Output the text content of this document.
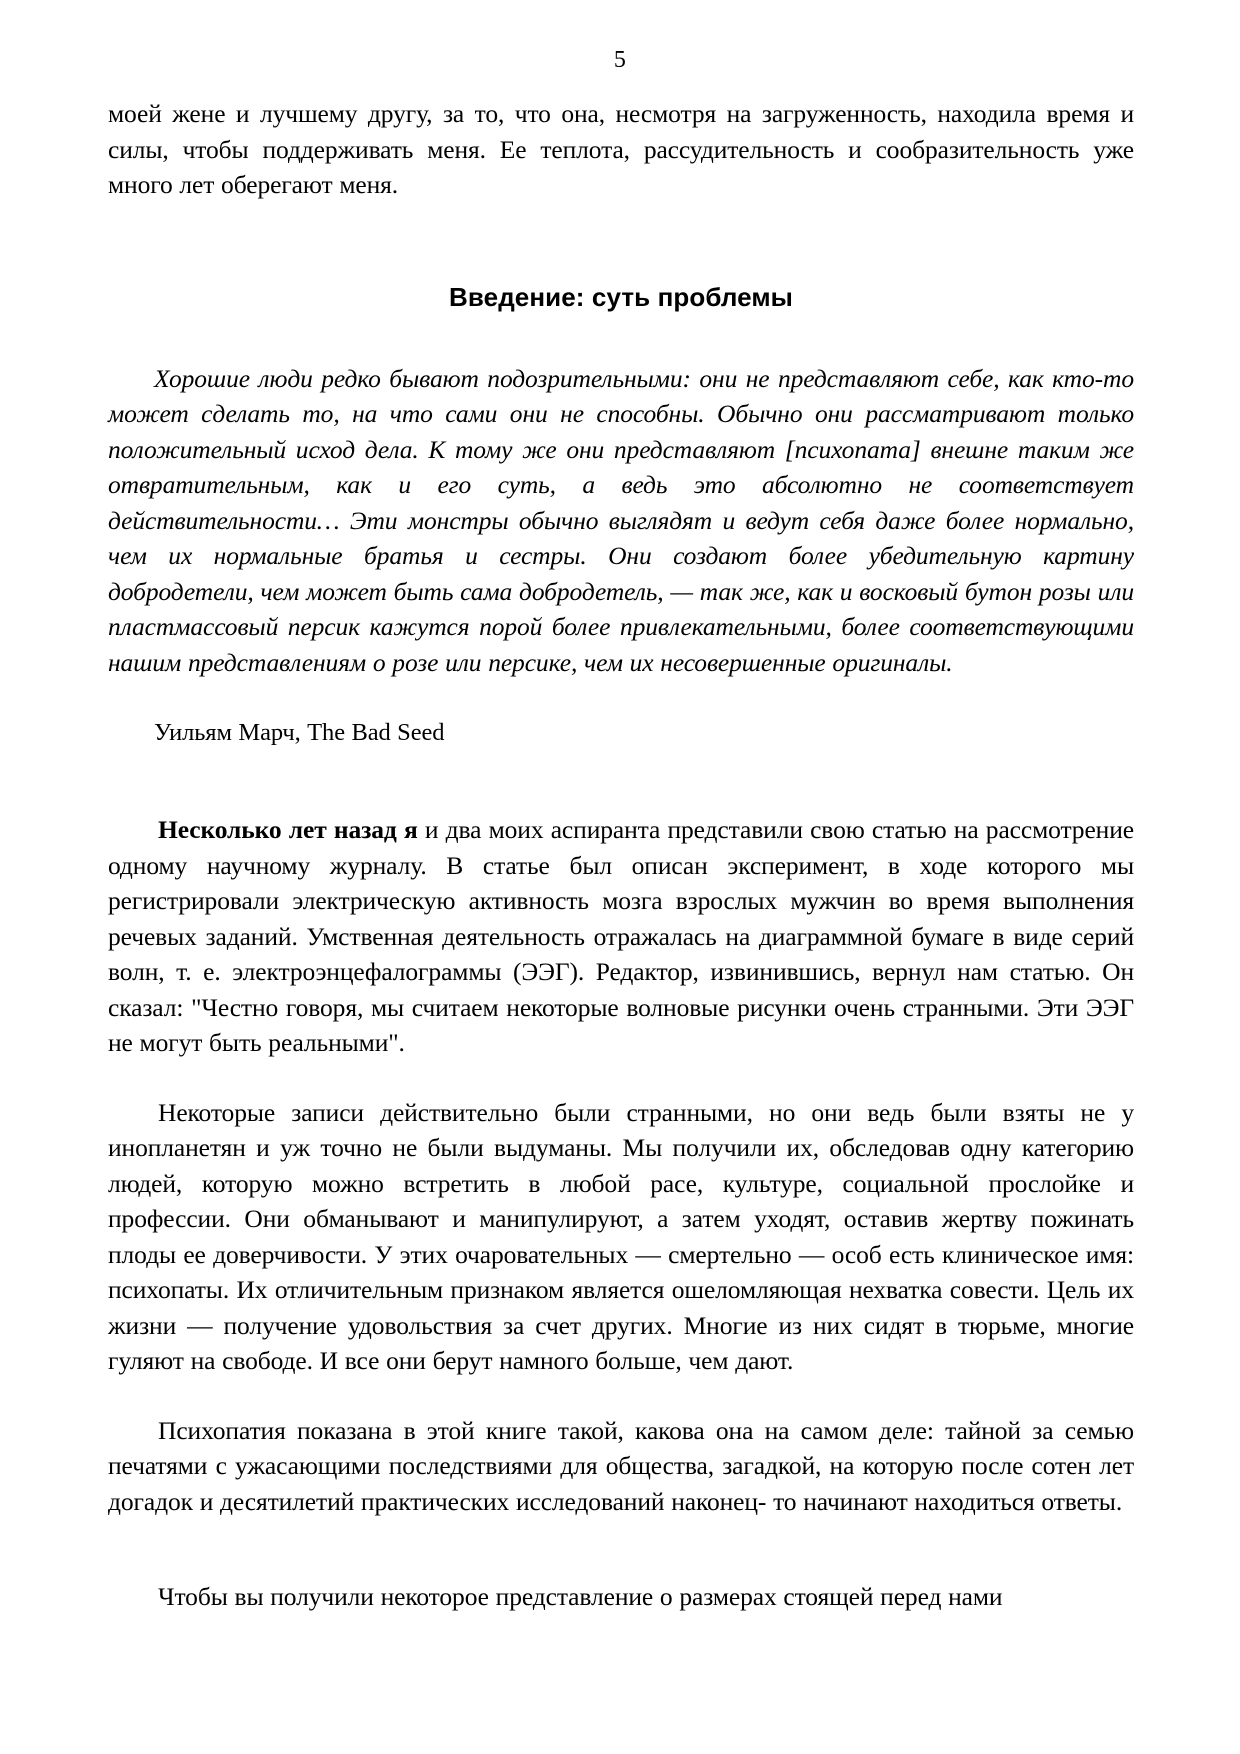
5

моей жене и лучшему другу, за то, что она, несмотря на загруженность, находила время и силы, чтобы поддерживать меня. Ее теплота, рассудительность и сообразительность уже много лет оберегают меня.

Введение: суть проблемы

Хорошие люди редко бывают подозрительными: они не представляют себе, как кто-то может сделать то, на что сами они не способны. Обычно они рассматривают только положительный исход дела. К тому же они представляют [психопата] внешне таким же отвратительным, как и его суть, а ведь это абсолютно не соответствует действительности… Эти монстры обычно выглядят и ведут себя даже более нормально, чем их нормальные братья и сестры. Они создают более убедительную картину добродетели, чем может быть сама добродетель, — так же, как и восковый бутон розы или пластмассовый персик кажутся порой более привлекательными, более соответствующими нашим представлениям о розе или персике, чем их несовершенные оригиналы.

Уильям Марч, The Bad Seed

Несколько лет назад я и два моих аспиранта представили свою статью на рассмотрение одному научному журналу. В статье был описан эксперимент, в ходе которого мы регистрировали электрическую активность мозга взрослых мужчин во время выполнения речевых заданий. Умственная деятельность отражалась на диаграммной бумаге в виде серий волн, т. е. электроэнцефалограммы (ЭЭГ). Редактор, извинившись, вернул нам статью. Он сказал: "Честно говоря, мы считаем некоторые волновые рисунки очень странными. Эти ЭЭГ не могут быть реальными".

Некоторые записи действительно были странными, но они ведь были взяты не у инопланетян и уж точно не были выдуманы. Мы получили их, обследовав одну категорию людей, которую можно встретить в любой расе, культуре, социальной прослойке и профессии. Они обманывают и манипулируют, а затем уходят, оставив жертву пожинать плоды ее доверчивости. У этих очаровательных — смертельно — особ есть клиническое имя: психопаты. Их отличительным признаком является ошеломляющая нехватка совести. Цель их жизни — получение удовольствия за счет других. Многие из них сидят в тюрьме, многие гуляют на свободе. И все они берут намного больше, чем дают.

Психопатия показана в этой книге такой, какова она на самом деле: тайной за семью печатями с ужасающими последствиями для общества, загадкой, на которую после сотен лет догадок и десятилетий практических исследований наконец‑ то начинают находиться ответы.

Чтобы вы получили некоторое представление о размерах стоящей перед нами
